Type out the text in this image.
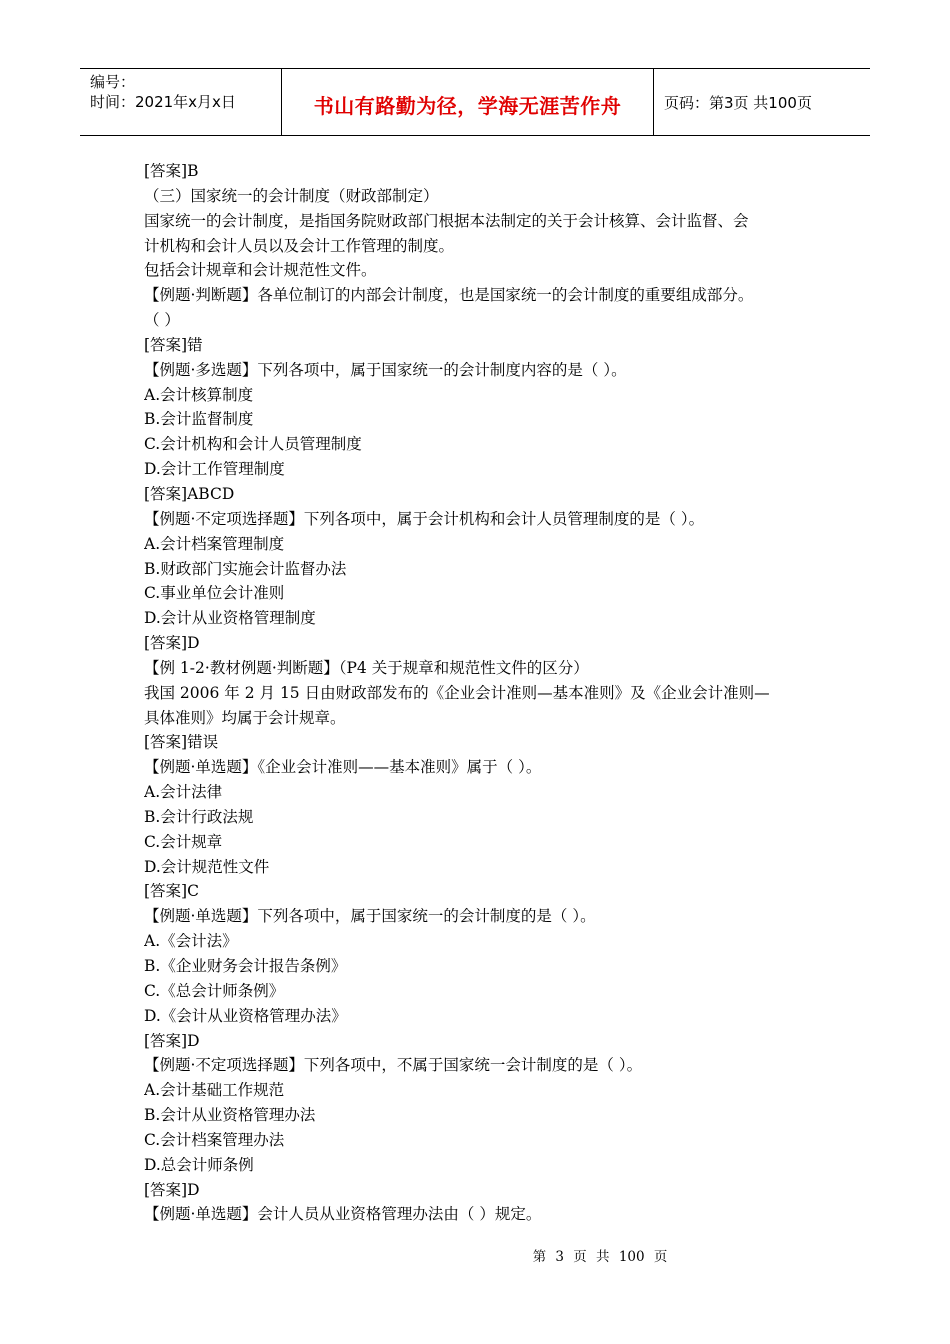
编号：
时间：2021年x月x日	书山有路勤为径，学海无涯苦作舟	页码：第3页 共100页
[答案]B
（三）国家统一的会计制度（财政部制定）
国家统一的会计制度，是指国务院财政部门根据本法制定的关于会计核算、会计监督、会
计机构和会计人员以及会计工作管理的制度。
包括会计规章和会计规范性文件。
【例题·判断题】各单位制订的内部会计制度，也是国家统一的会计制度的重要组成部分。
（ ）
[答案]错
【例题·多选题】下列各项中，属于国家统一的会计制度内容的是（ ）。
A.会计核算制度
B.会计监督制度
C.会计机构和会计人员管理制度
D.会计工作管理制度
[答案]ABCD
【例题·不定项选择题】下列各项中，属于会计机构和会计人员管理制度的是（ ）。
A.会计档案管理制度
B.财政部门实施会计监督办法
C.事业单位会计准则
D.会计从业资格管理制度
[答案]D
【例 1-2·教材例题·判断题】（P4 关于规章和规范性文件的区分）
我国 2006 年 2 月 15 日由财政部发布的《企业会计准则—基本准则》及《企业会计准则—
具体准则》均属于会计规章。
[答案]错误
【例题·单选题】《企业会计准则——基本准则》属于（ ）。
A.会计法律
B.会计行政法规
C.会计规章
D.会计规范性文件
[答案]C
【例题·单选题】下列各项中，属于国家统一的会计制度的是（ ）。
A.《会计法》
B.《企业财务会计报告条例》
C.《总会计师条例》
D.《会计从业资格管理办法》
[答案]D
【例题·不定项选择题】下列各项中，不属于国家统一会计制度的是（ ）。
A.会计基础工作规范
B.会计从业资格管理办法
C.会计档案管理办法
D.总会计师条例
[答案]D
【例题·单选题】会计人员从业资格管理办法由（ ）规定。
第 3 页 共 100 页
